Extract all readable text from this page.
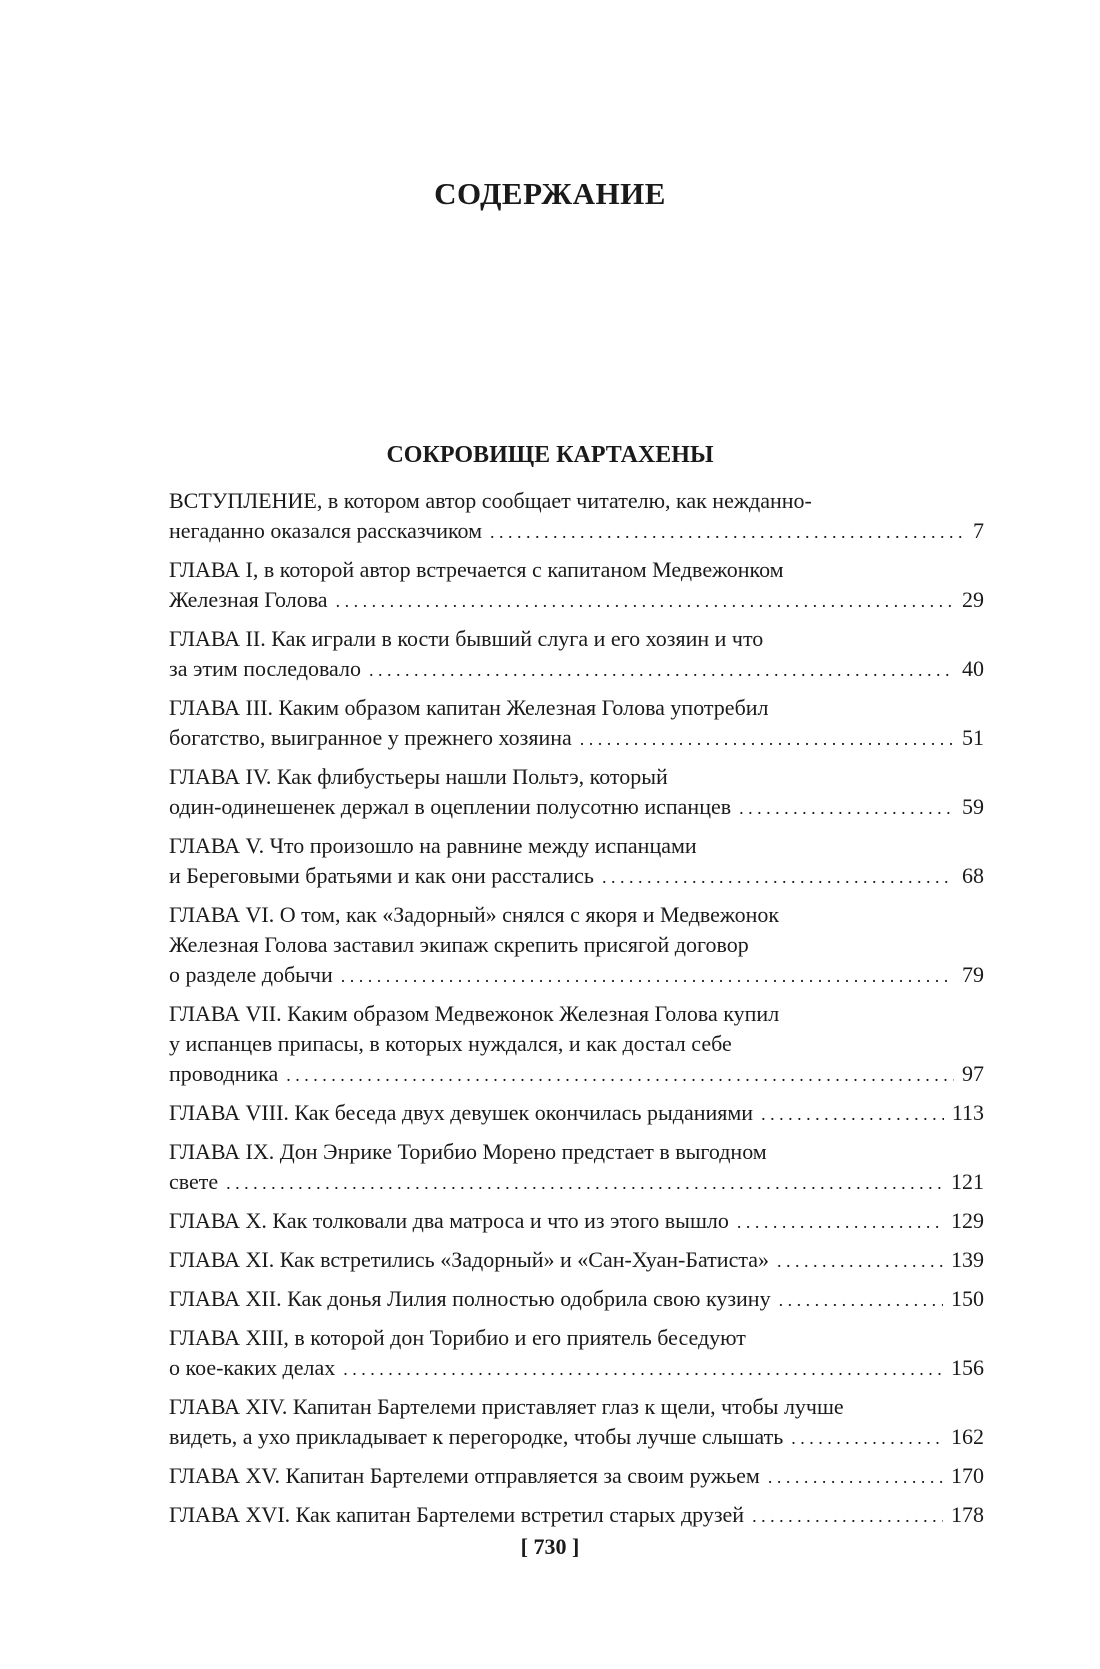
СОДЕРЖАНИЕ
СОКРОВИЩЕ КАРТАХЕНЫ
ВСТУПЛЕНИЕ, в котором автор сообщает читателю, как нежданно-
негаданно оказался рассказчиком . . .	7
ГЛАВА I, в которой автор встречается с капитаном Медвежонком
Железная Голова . . .	29
ГЛАВА II. Как играли в кости бывший слуга и его хозяин и что
за этим последовало . . .	40
ГЛАВА III. Каким образом капитан Железная Голова употребил
богатство, выигранное у прежнего хозяина . . .	51
ГЛАВА IV. Как флибустьеры нашли Польтэ, который
один-одинешенек держал в оцеплении полусотню испанцев . . .	59
ГЛАВА V. Что произошло на равнине между испанцами
и Береговыми братьями и как они расстались . . .	68
ГЛАВА VI. О том, как «Задорный» снялся с якоря и Медвежонок
Железная Голова заставил экипаж скрепить присягой договор
о разделе добычи . . .	79
ГЛАВА VII. Каким образом Медвежонок Железная Голова купил
у испанцев припасы, в которых нуждался, и как достал себе
проводника . . .	97
ГЛАВА VIII. Как беседа двух девушек окончилась рыданиями . . .	113
ГЛАВА IX. Дон Энрике Торибио Морено предстает в выгодном
свете . . .	121
ГЛАВА X. Как толковали два матроса и что из этого вышло . . .	129
ГЛАВА XI. Как встретились «Задорный» и «Сан-Хуан-Батиста» . . .	139
ГЛАВА XII. Как донья Лилия полностью одобрила свою кузину . . .	150
ГЛАВА XIII, в которой дон Торибио и его приятель беседуют
о кое-каких делах . . .	156
ГЛАВА XIV. Капитан Бартелеми приставляет глаз к щели, чтобы лучше
видеть, а ухо прикладывает к перегородке, чтобы лучше слышать . . .	162
ГЛАВА XV. Капитан Бартелеми отправляется за своим ружьем . . .	170
ГЛАВА XVI. Как капитан Бартелеми встретил старых друзей . . .	178
[ 730 ]
